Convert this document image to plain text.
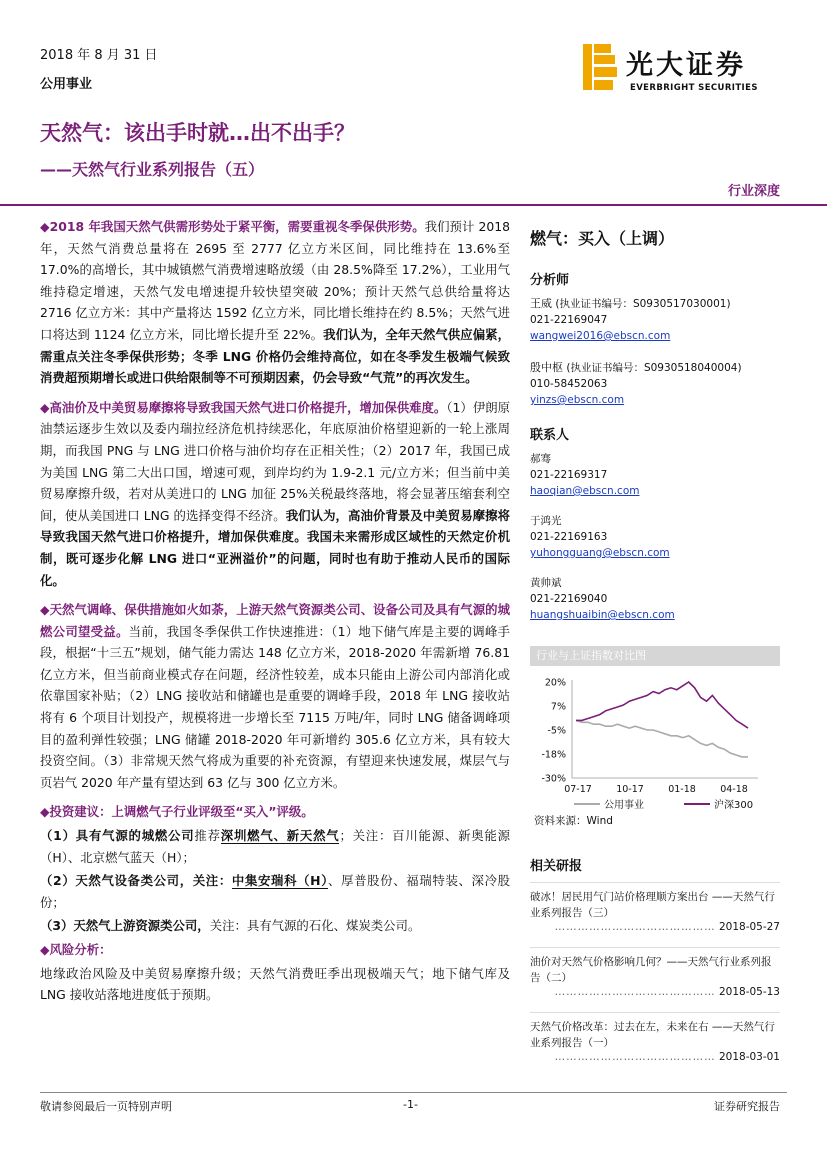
2018 年 8 月 31 日
公用事业
光大证券
EVERBRIGHT SECURITIES
天然气：该出手时就…出不出手？
——天然气行业系列报告（五）
行业深度

◆2018 年我国天然气供需形势处于紧平衡，需要重视冬季保供形势。我们预计 2018 年，天然气消费总量将在 2695 至 2777 亿立方米区间，同比维持在 13.6%至 17.0%的高增长，其中城镇燃气消费增速略放缓（由 28.5%降至 17.2%），工业用气维持稳定增速，天然气发电增速提升较快望突破 20%；预计天然气总供给量将达 2716 亿立方米：其中产量将达 1592 亿立方米，同比增长维持在约 8.5%；天然气进口将达到 1124 亿立方米，同比增长提升至 22%。我们认为，全年天然气供应偏紧，需重点关注冬季保供形势；冬季 LNG 价格仍会维持高位，如在冬季发生极端气候致消费超预期增长或进口供给限制等不可预期因素，仍会导致“气荒”的再次发生。

◆高油价及中美贸易摩擦将导致我国天然气进口价格提升，增加保供难度。（1）伊朗原油禁运逐步生效以及委内瑞拉经济危机持续恶化，年底原油价格望迎新的一轮上涨周期，而我国 PNG 与 LNG 进口价格与油价均存在正相关性；（2）2017 年，我国已成为美国 LNG 第二大出口国，增速可观，到岸均约为 1.9-2.1 元/立方米；但当前中美贸易摩擦升级，若对从美进口的 LNG 加征 25%关税最终落地，将会显著压缩套利空间，使从美国进口 LNG 的选择变得不经济。我们认为，高油价背景及中美贸易摩擦将导致我国天然气进口价格提升，增加保供难度。我国未来需形成区域性的天然定价机制，既可逐步化解 LNG 进口“亚洲溢价”的问题，同时也有助于推动人民币的国际化。

◆天然气调峰、保供措施如火如荼，上游天然气资源类公司、设备公司及具有气源的城燃公司望受益。当前，我国冬季保供工作快速推进：（1）地下储气库是主要的调峰手段，根据“十三五”规划，储气能力需达 148 亿立方米，2018-2020 年需新增 76.81 亿立方米，但当前商业模式存在问题，经济性较差，成本只能由上游公司内部消化或依靠国家补贴；（2）LNG 接收站和储罐也是重要的调峰手段，2018 年 LNG 接收站将有 6 个项目计划投产，规模将进一步增长至 7115 万吨/年，同时 LNG 储备调峰项目的盈利弹性较强；LNG 储罐 2018-2020 年可新增约 305.6 亿立方米，具有较大投资空间。（3）非常规天然气将成为重要的补充资源，有望迎来快速发展，煤层气与页岩气 2020 年产量有望达到 63 亿与 300 亿立方米。

◆投资建议：上调燃气子行业评级至“买入”评级。

（1）具有气源的城燃公司推荐深圳燃气、新天然气；关注：百川能源、新奥能源（H）、北京燃气蓝天（H）；

（2）天然气设备类公司，关注：中集安瑞科（H）、厚普股份、福瑞特装、深冷股份；

（3）天然气上游资源类公司，关注：具有气源的石化、煤炭类公司。

◆风险分析：

地缘政治风险及中美贸易摩擦升级；天然气消费旺季出现极端天气；地下储气库及 LNG 接收站落地进度低于预期。

燃气：买入（上调）
分析师
王威 (执业证书编号：S0930517030001)
021-22169047
wangwei2016@ebscn.com
殷中枢 (执业证书编号：S0930518040004)
010-58452063
yinzs@ebscn.com
联系人
郝骞
021-22169317
haoqian@ebscn.com
于鸿光
021-22169163
yuhongguang@ebscn.com
黄帅斌
021-22169040
huangshuaibin@ebscn.com
行业与上证指数对比图
20%
7%
-5%
-18%
-30%
07-17	10-17	01-18	04-18
公用事业	沪深300
资料来源：Wind
相关研报
破冰！居民用气门站价格理顺方案出台 ——天然气行业系列报告（三）
…………………………………… 2018-05-27
油价对天然气价格影响几何？——天然气行业系列报告（二）
…………………………………… 2018-05-13
天然气价格改革：过去在左，未来在右 ——天然气行业系列报告（一）
…………………………………… 2018-03-01
敬请参阅最后一页特别声明	-1-	证券研究报告
